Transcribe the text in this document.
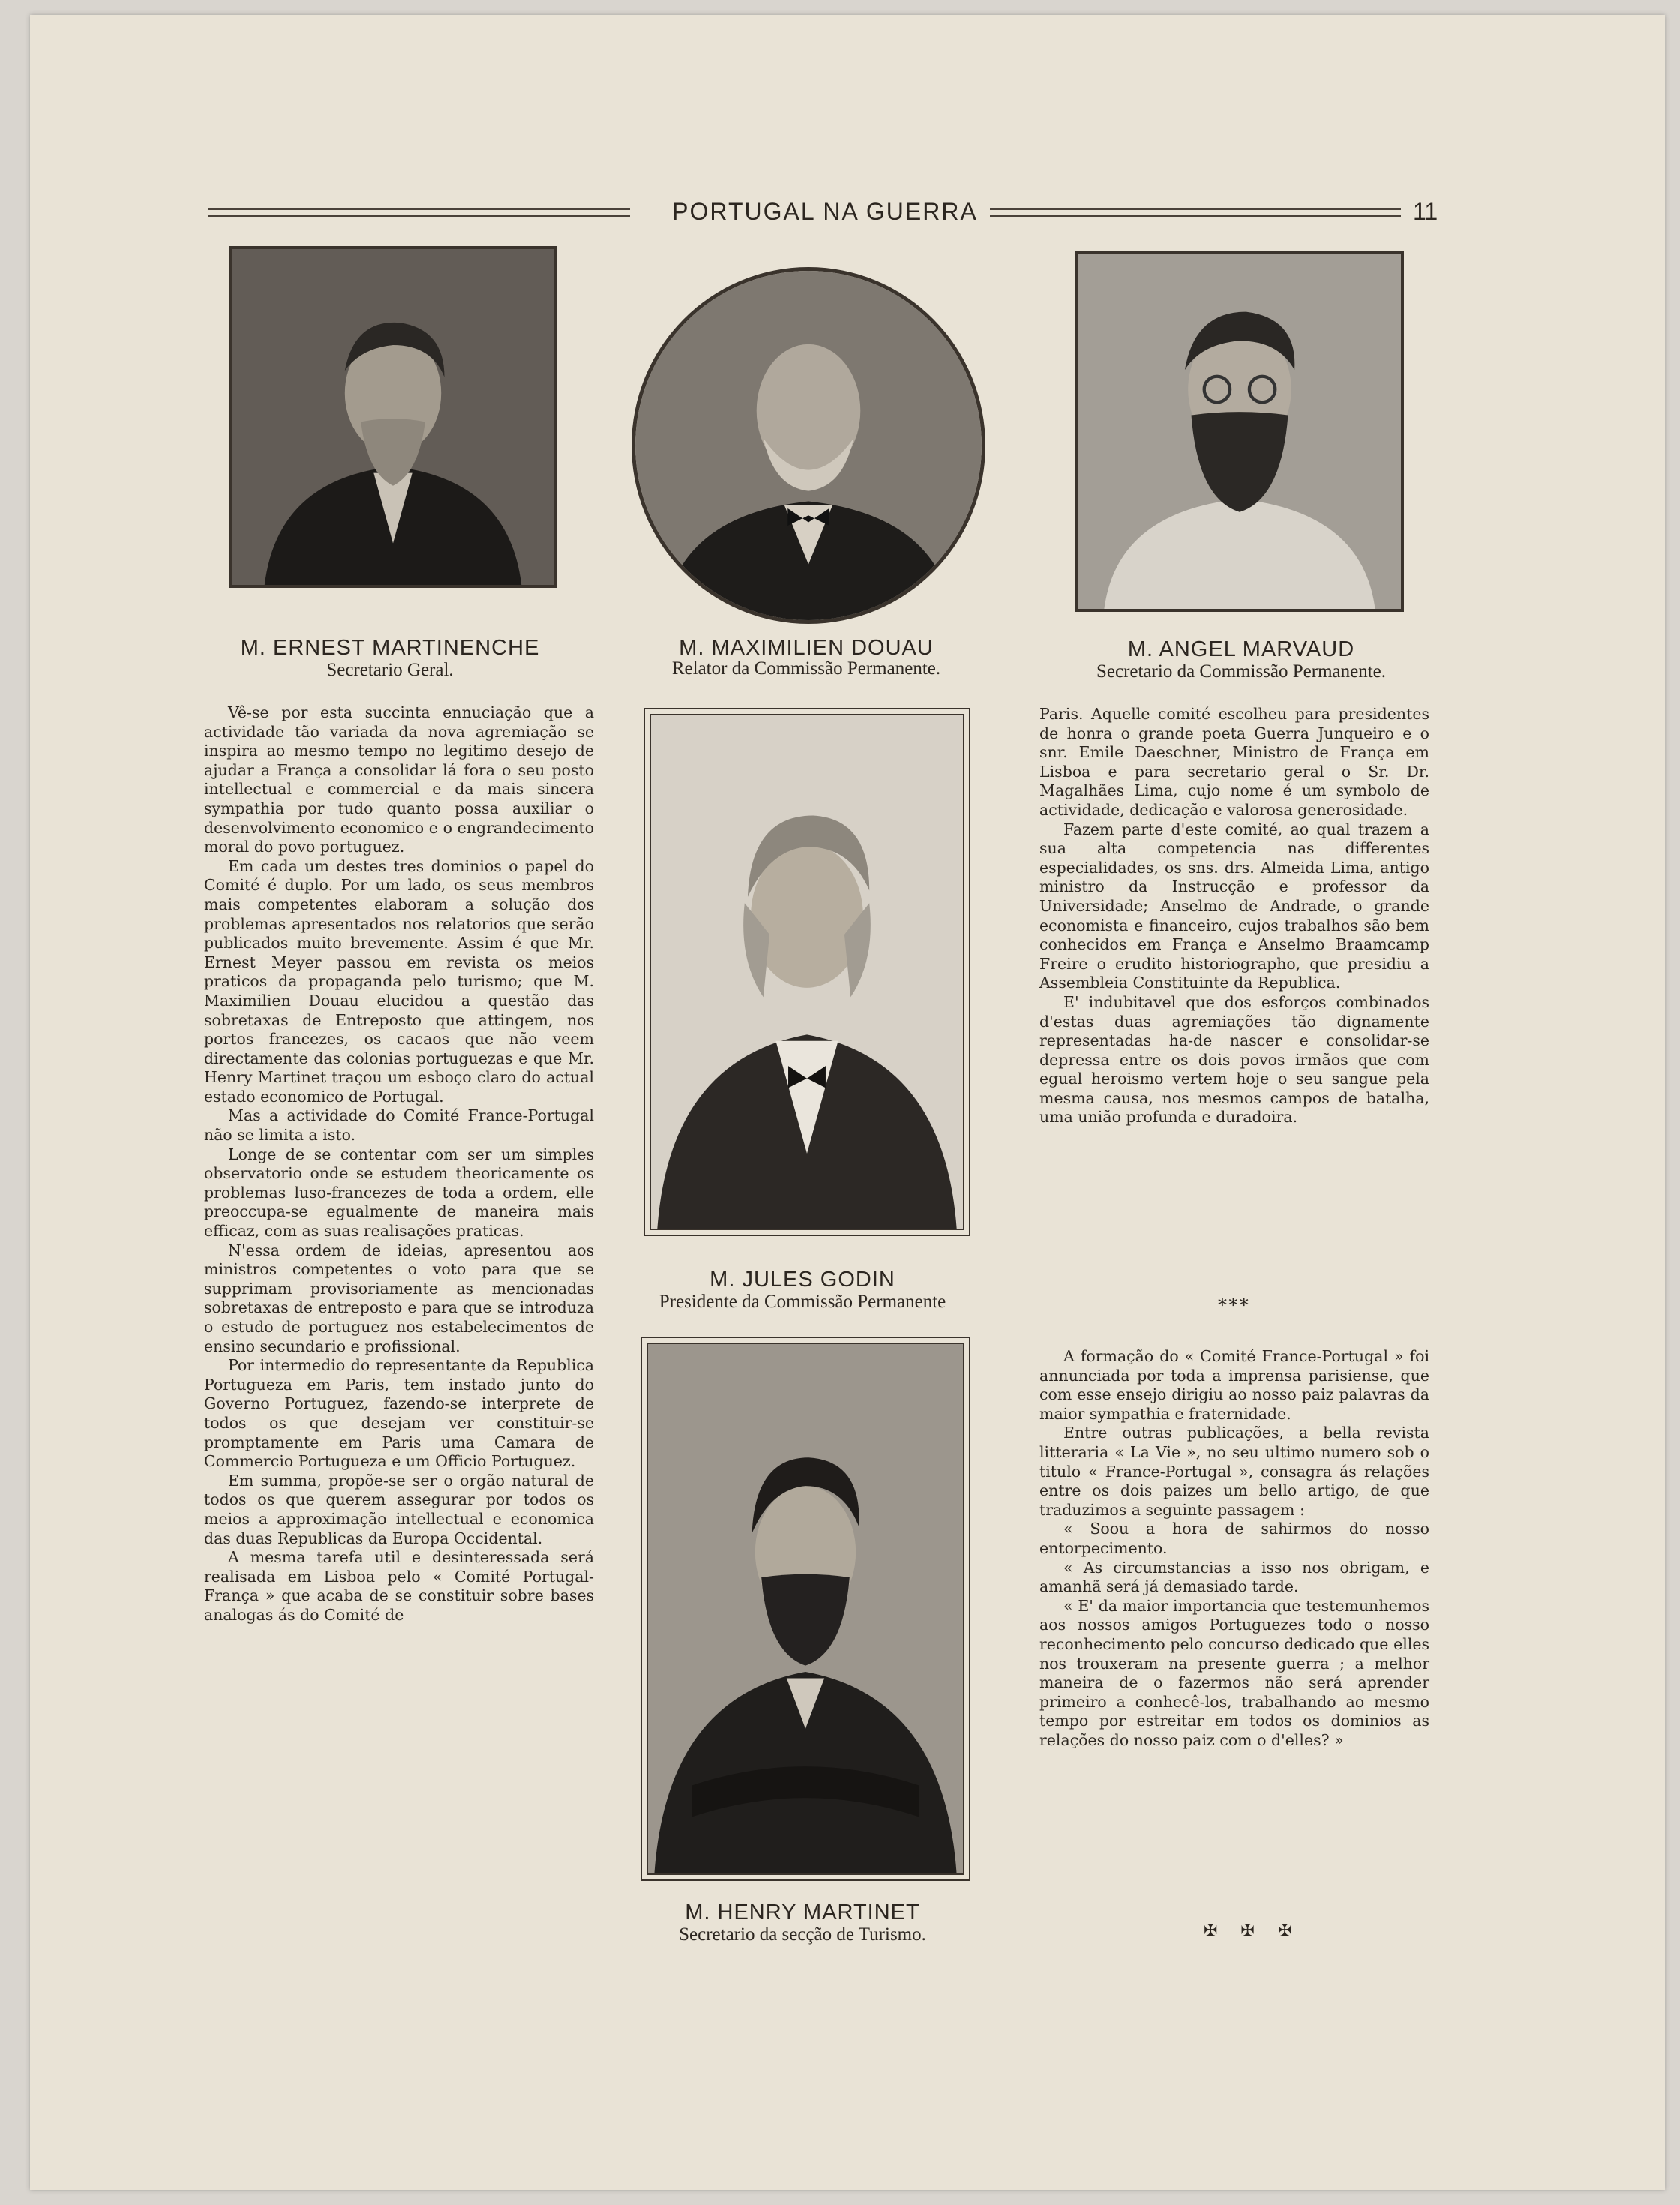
PORTUGAL NA GUERRA	11
M. ERNEST MARTINENCHE
Secretario Geral.
M. MAXIMILIEN DOUAU
Relator da Commissão Permanente.
M. ANGEL MARVAUD
Secretario da Commissão Permanente.
M. JULES GODIN
Presidente da Commissão Permanente
M. HENRY MARTINET
Secretario da secção de Turismo.

Vê-se por esta succinta ennuciação que a actividade tão variada da nova agremiação se inspira ao mesmo tempo no legitimo desejo de ajudar a França a consolidar lá fora o seu posto intellectual e commercial e da mais sincera sympathia por tudo quanto possa auxiliar o desenvolvimento economico e o engrandecimento moral do povo portuguez.

Em cada um destes tres dominios o papel do Comité é duplo. Por um lado, os seus membros mais competentes elaboram a solução dos problemas apresentados nos relatorios que serão publicados muito brevemente. Assim é que Mr. Ernest Meyer passou em revista os meios praticos da propaganda pelo turismo; que M. Maximilien Douau elucidou a questão das sobretaxas de Entreposto que attingem, nos portos francezes, os cacaos que não veem directamente das colonias portuguezas e que Mr. Henry Martinet traçou um esboço claro do actual estado economico de Portugal.

Mas a actividade do Comité France-Portugal não se limita a isto.

Longe de se contentar com ser um simples observatorio onde se estudem theoricamente os problemas luso-francezes de toda a ordem, elle preoccupa-se egualmente de maneira mais efficaz, com as suas realisações praticas.

N'essa ordem de ideias, apresentou aos ministros competentes o voto para que se supprimam provisoriamente as mencionadas sobretaxas de entreposto e para que se introduza o estudo de portuguez nos estabelecimentos de ensino secundario e profissional.

Por intermedio do representante da Republica Portugueza em Paris, tem instado junto do Governo Portuguez, fazendo-se interprete de todos os que desejam ver constituir-se promptamente em Paris uma Camara de Commercio Portugueza e um Officio Portuguez.

Em summa, propõe-se ser o orgão natural de todos os que querem assegurar por todos os meios a approximação intellectual e economica das duas Republicas da Europa Occidental.

A mesma tarefa util e desinteressada será realisada em Lisboa pelo « Comité Portugal-França » que acaba de se constituir sobre bases analogas ás do Comité de

Paris. Aquelle comité escolheu para presidentes de honra o grande poeta Guerra Junqueiro e o snr. Emile Daeschner, Ministro de França em Lisboa e para secretario geral o Sr. Dr. Magalhães Lima, cujo nome é um symbolo de actividade, dedicação e valorosa generosidade.

Fazem parte d'este comité, ao qual trazem a sua alta competencia nas differentes especialidades, os sns. drs. Almeida Lima, antigo ministro da Instrucção e professor da Universidade; Anselmo de Andrade, o grande economista e financeiro, cujos trabalhos são bem conhecidos em França e Anselmo Braamcamp Freire o erudito historiographo, que presidiu a Assembleia Constituinte da Republica.

E' indubitavel que dos esforços combinados d'estas duas agremiações tão dignamente representadas ha-de nascer e consolidar-se depressa entre os dois povos irmãos que com egual heroismo vertem hoje o seu sangue pela mesma causa, nos mesmos campos de batalha, uma união profunda e duradoira.

* * *

A formação do « Comité France-Portugal » foi annunciada por toda a imprensa parisiense, que com esse ensejo dirigiu ao nosso paiz palavras da maior sympathia e fraternidade.

Entre outras publicações, a bella revista litteraria « La Vie », no seu ultimo numero sob o titulo « France-Portugal », consagra ás relações entre os dois paizes um bello artigo, de que traduzimos a seguinte passagem :

« Soou a hora de sahirmos do nosso entorpecimento.

« As circumstancias a isso nos obrigam, e amanhã será já demasiado tarde.

« E' da maior importancia que testemunhemos aos nossos amigos Portuguezes todo o nosso reconhecimento pelo concurso dedicado que elles nos trouxeram na presente guerra ; a melhor maneira de o fazermos não será aprender primeiro a conhecê-los, trabalhando ao mesmo tempo por estreitar em todos os dominios as relações do nosso paiz com o d'elles? »

✠ ✠ ✠
